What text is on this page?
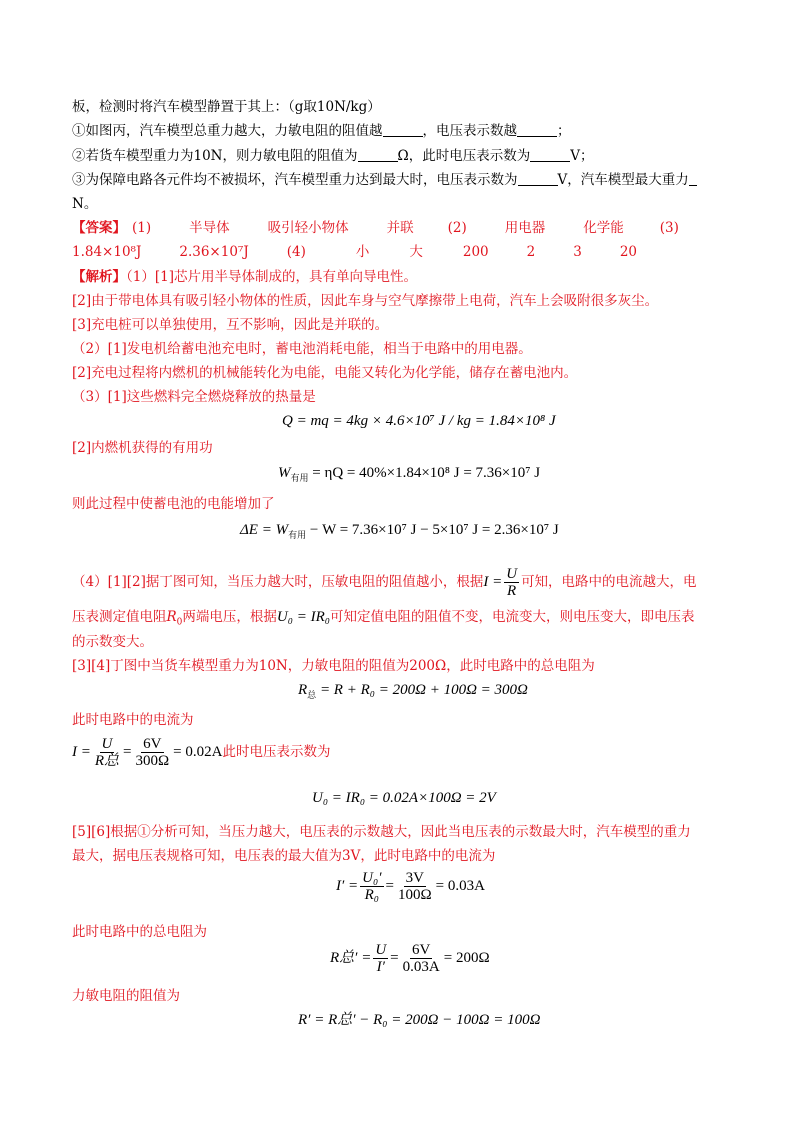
板，检测时将汽车模型静置于其上：（g取10N/kg）
①如图丙，汽车模型总重力越大，力敏电阻的阻值越	，电压表示数越	；
②若货车模型重力为10N，则力敏电阻的阻值为	Ω，此时电压表示数为	V；
③为保障电路各元件均不被损坏，汽车模型重力达到最大时，电压表示数为	V，汽车模型最大重力
N。
【答案】 (1)	半导体	吸引轻小物体	并联	(2)	用电器	化学能	(3)
1.84×10⁸J	2.36×10⁷J	(4)	小	大	200	2	3	20
【解析】（1）[1]芯片用半导体制成的，具有单向导电性。
[2]由于带电体具有吸引轻小物体的性质，因此车身与空气摩擦带上电荷，汽车上会吸附很多灰尘。
[3]充电桩可以单独使用，互不影响，因此是并联的。
（2）[1]发电机给蓄电池充电时，蓄电池消耗电能，相当于电路中的用电器。
[2]充电过程将内燃机的机械能转化为电能，电能又转化为化学能，储存在蓄电池内。
（3）[1]这些燃料完全燃烧释放的热量是
Q = mq = 4kg × 4.6×10⁷ J / kg = 1.84×10⁸ J
[2]内燃机获得的有用功
$W_{有用} = \eta Q = 40\%\times 1.84\times 10^8$ J = 7.36×10⁷ J
则此过程中使蓄电池的电能增加了
$\Delta E = W_{有用} - W = 7.36\times 10^7$ J − 5×10⁷ J = 2.36×10⁷ J
（4）[1][2]据丁图可知，当压力越大时，压敏电阻的阻值越小，根据$I = \frac{U}{R}$ 可知，电路中的电流越大，电
压表测定值电阻$R_0$两端电压，根据U₀ = IR₀可知定值电阻的阻值不变，电流变大，则电压变大，即电压表
的示数变大。
[3][4]丁图中当货车模型重力为10N，力敏电阻的阻值为200Ω，此时电路中的总电阻为
$R_总 = R + R_0 = 200\Omega + 100\Omega = 300\Omega$
此时电路中的电流为
$I = \frac{U}{\text{R总}} = \frac{6V}{300\Omega} = 0.02A$此时电压表示数为
U₀ = IR₀ = 0.02A×100Ω = 2V
[5][6]根据①分析可知，当压力越大，电压表的示数越大，因此当电压表的示数最大时，汽车模型的重力
最大，据电压表规格可知，电压表的最大值为3V，此时电路中的电流为
$I' = \frac{\text{U₀′}}{\text{R₀}} = \frac{3V}{100\Omega} = 0.03A$
此时电路中的总电阻为
R总′ = $\frac{U}{I'} = \frac{6V}{0.03A} = 200\Omega$
力敏电阻的阻值为
R′ = R总′ − R₀ = 200Ω − 100Ω = 100Ω
